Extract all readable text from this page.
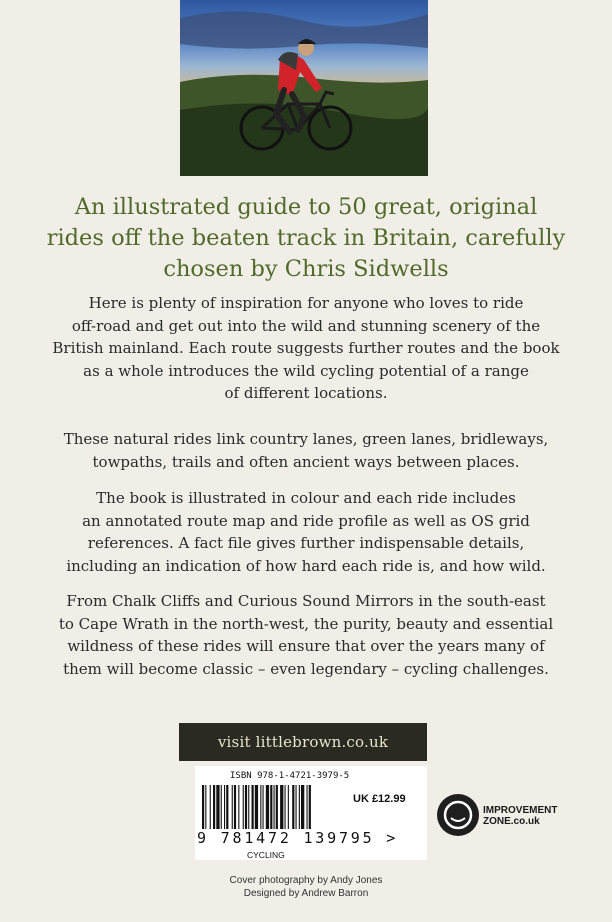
An illustrated guide to 50 great, original
rides off the beaten track in Britain, carefully
chosen by Chris Sidwells
Here is plenty of inspiration for anyone who loves to ride
off-road and get out into the wild and stunning scenery of the
British mainland. Each route suggests further routes and the book
as a whole introduces the wild cycling potential of a range
of different locations.
These natural rides link country lanes, green lanes, bridleways,
towpaths, trails and often ancient ways between places.
The book is illustrated in colour and each ride includes
an annotated route map and ride profile as well as OS grid
references. A fact file gives further indispensable details,
including an indication of how hard each ride is, and how wild.
From Chalk Cliffs and Curious Sound Mirrors in the south-east
to Cape Wrath in the north-west, the purity, beauty and essential
wildness of these rides will ensure that over the years many of
them will become classic – even legendary – cycling challenges.
visit littlebrown.co.uk
ISBN 978-1-4721-3979-5
UK £12.99
9 781472 139795 >
CYCLING
IMPROVEMENT
ZONE.co.uk
Cover photography by Andy Jones
Designed by Andrew Barron
